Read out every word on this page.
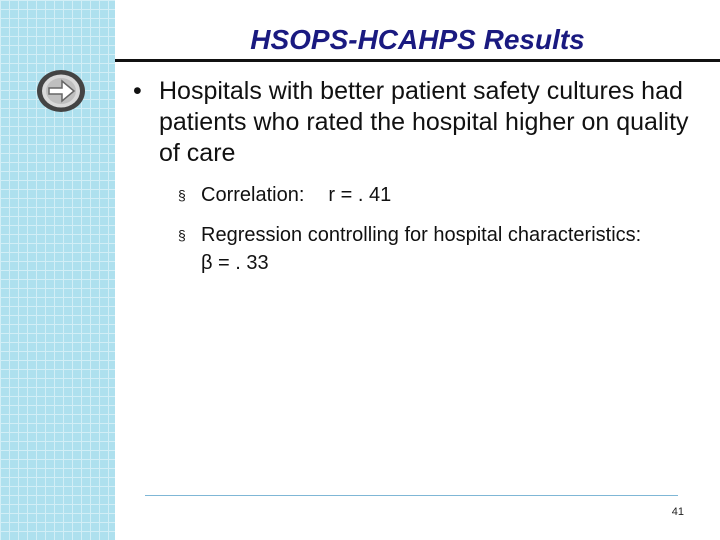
HSOPS-HCAHPS Results
• Hospitals with better patient safety cultures had patients who rated the hospital higher on quality of care
§ Correlation: r = . 41
§ Regression controlling for hospital characteristics:β = . 33
41
